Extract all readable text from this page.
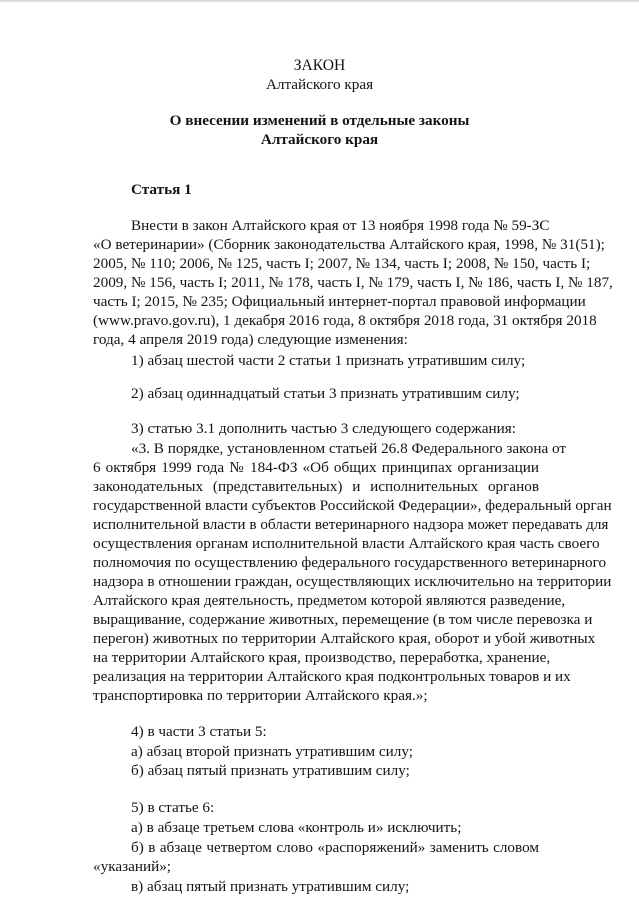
ЗАКОН
Алтайского края
О внесении изменений в отдельные законы
Алтайского края
Статья 1
Внести в закон Алтайского края от 13 ноября 1998 года № 59-ЗС
«О ветеринарии» (Сборник законодательства Алтайского края, 1998, № 31(51);
2005, № 110; 2006, № 125, часть I; 2007, № 134, часть I; 2008, № 150, часть I;
2009, № 156, часть I; 2011, № 178, часть I, № 179, часть I, № 186, часть I, № 187,
часть I; 2015, № 235; Официальный интернет-портал правовой информации
(www.pravo.gov.ru), 1 декабря 2016 года, 8 октября 2018 года, 31 октября 2018
года, 4 апреля 2019 года) следующие изменения:
1) абзац шестой части 2 статьи 1 признать утратившим силу;
2) абзац одиннадцатый статьи 3 признать утратившим силу;
3) статью 3.1 дополнить частью 3 следующего содержания:
«3. В порядке, установленном статьей 26.8 Федерального закона от
6 октября 1999 года № 184-ФЗ «Об общих принципах организации
законодательных (представительных) и исполнительных органов
государственной власти субъектов Российской Федерации», федеральный орган
исполнительной власти в области ветеринарного надзора может передавать для
осуществления органам исполнительной власти Алтайского края часть своего
полномочия по осуществлению федерального государственного ветеринарного
надзора в отношении граждан, осуществляющих исключительно на территории
Алтайского края деятельность, предметом которой являются разведение,
выращивание, содержание животных, перемещение (в том числе перевозка и
перегон) животных по территории Алтайского края, оборот и убой животных
на территории Алтайского края, производство, переработка, хранение,
реализация на территории Алтайского края подконтрольных товаров и их
транспортировка по территории Алтайского края.»;
4) в части 3 статьи 5:
а) абзац второй признать утратившим силу;
б) абзац пятый признать утратившим силу;
5) в статье 6:
а) в абзаце третьем слова «контроль и» исключить;
б) в абзаце четвертом слово «распоряжений» заменить словом
«указаний»;
в) абзац пятый признать утратившим силу;
